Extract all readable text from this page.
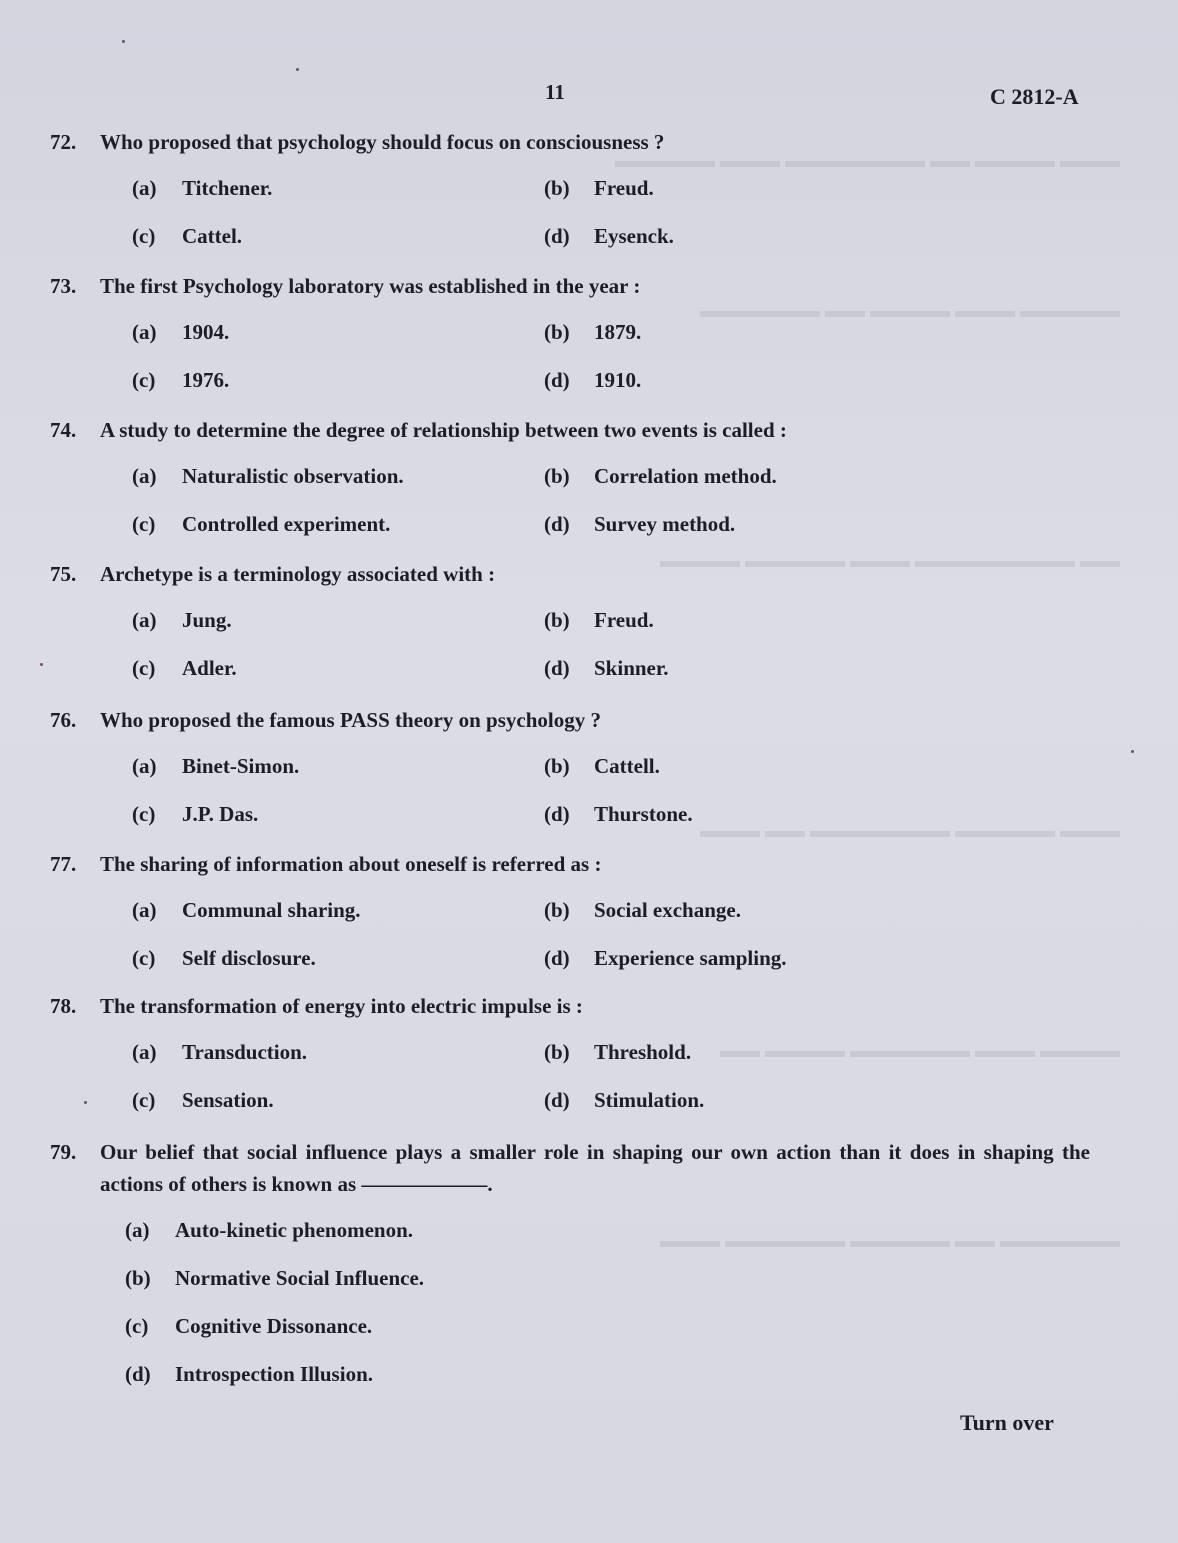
▬▬▬ ▬▬▬▬ ▬▬ ▬▬▬▬▬▬▬ ▬▬▬ ▬▬▬▬▬
▬▬▬▬▬ ▬▬▬ ▬▬▬▬ ▬▬ ▬▬▬▬▬▬
▬▬ ▬▬▬▬▬▬▬▬ ▬▬▬ ▬▬▬▬▬ ▬▬▬▬
▬▬▬ ▬▬▬▬▬ ▬▬▬▬▬▬▬ ▬▬ ▬▬▬
▬▬▬▬ ▬▬▬ ▬▬▬▬▬▬ ▬▬▬▬ ▬▬
▬▬▬▬▬▬ ▬▬ ▬▬▬▬▬ ▬▬▬▬▬▬ ▬▬▬
11	C 2812-A
72.	Who proposed that psychology should focus on consciousness ?
(a)	Titchener.	(b)	Freud.
(c)	Cattel.	(d)	Eysenck.
73.	The first Psychology laboratory was established in the year :
(a)	1904.	(b)	1879.
(c)	1976.	(d)	1910.
74.	A study to determine the degree of relationship between two events is called :
(a)	Naturalistic observation.	(b)	Correlation method.
(c)	Controlled experiment.	(d)	Survey method.
75.	Archetype is a terminology associated with :
(a)	Jung.	(b)	Freud.
(c)	Adler.	(d)	Skinner.
76.	Who proposed the famous PASS theory on psychology ?
(a)	Binet-Simon.	(b)	Cattell.
(c)	J.P. Das.	(d)	Thurstone.
77.	The sharing of information about oneself is referred as :
(a)	Communal sharing.	(b)	Social exchange.
(c)	Self disclosure.	(d)	Experience sampling.
78.	The transformation of energy into electric impulse is :
(a)	Transduction.	(b)	Threshold.
(c)	Sensation.	(d)	Stimulation.
79.	Our belief that social influence plays a smaller role in shaping our own action than it does in shaping the actions of others is known as ——————.
(a)	Auto-kinetic phenomenon.
(b)	Normative Social Influence.
(c)	Cognitive Dissonance.
(d)	Introspection Illusion.
Turn over
